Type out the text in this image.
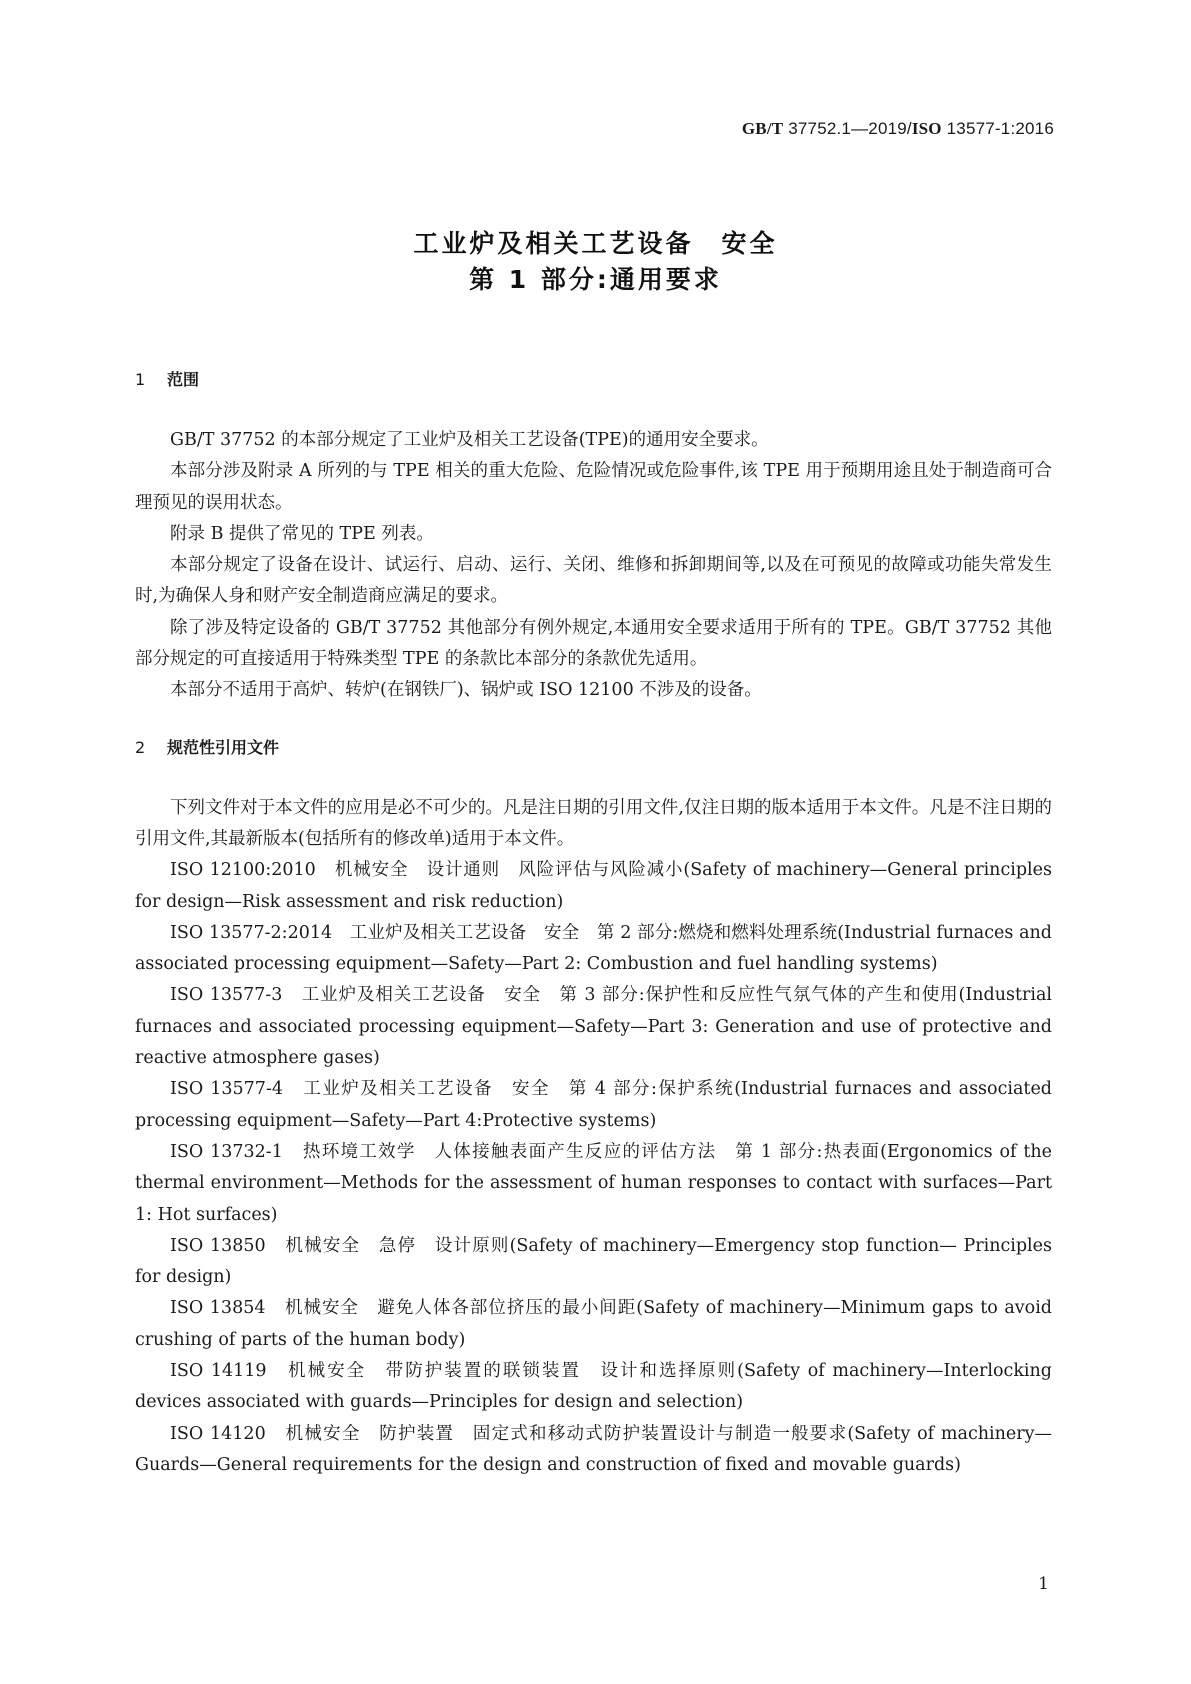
GB/T 37752.1—2019/ISO 13577-1:2016
工业炉及相关工艺设备　安全
第 1 部分:通用要求
1 范围

GB/T 37752 的本部分规定了工业炉及相关工艺设备(TPE)的通用安全要求。

本部分涉及附录 A 所列的与 TPE 相关的重大危险、危险情况或危险事件,该 TPE 用于预期用途且处于制造商可合理预见的误用状态。

附录 B 提供了常见的 TPE 列表。

本部分规定了设备在设计、试运行、启动、运行、关闭、维修和拆卸期间等,以及在可预见的故障或功能失常发生时,为确保人身和财产安全制造商应满足的要求。

除了涉及特定设备的 GB/T 37752 其他部分有例外规定,本通用安全要求适用于所有的 TPE。GB/T 37752 其他部分规定的可直接适用于特殊类型 TPE 的条款比本部分的条款优先适用。

本部分不适用于高炉、转炉(在钢铁厂)、锅炉或 ISO 12100 不涉及的设备。

2 规范性引用文件

下列文件对于本文件的应用是必不可少的。凡是注日期的引用文件,仅注日期的版本适用于本文件。凡是不注日期的引用文件,其最新版本(包括所有的修改单)适用于本文件。

ISO 12100:2010　机械安全　设计通则　风险评估与风险减小(Safety of machinery—General principles for design—Risk assessment and risk reduction)

ISO 13577-2:2014　工业炉及相关工艺设备　安全　第 2 部分:燃烧和燃料处理系统(Industrial furnaces and associated processing equipment—Safety—Part 2: Combustion and fuel handling systems)

ISO 13577-3　工业炉及相关工艺设备　安全　第 3 部分:保护性和反应性气氛气体的产生和使用(Industrial furnaces and associated processing equipment—Safety—Part 3: Generation and use of protective and reactive atmosphere gases)

ISO 13577-4　工业炉及相关工艺设备　安全　第 4 部分:保护系统(Industrial furnaces and associated processing equipment—Safety—Part 4:Protective systems)

ISO 13732-1　热环境工效学　人体接触表面产生反应的评估方法　第 1 部分:热表面(Ergonomics of the thermal environment—Methods for the assessment of human responses to contact with surfaces—Part 1: Hot surfaces)

ISO 13850　机械安全　急停　设计原则(Safety of machinery—Emergency stop function— Principles for design)

ISO 13854　机械安全　避免人体各部位挤压的最小间距(Safety of machinery—Minimum gaps to avoid crushing of parts of the human body)

ISO 14119　机械安全　带防护装置的联锁装置　设计和选择原则(Safety of machinery—Interlocking devices associated with guards—Principles for design and selection)

ISO 14120　机械安全　防护装置　固定式和移动式防护装置设计与制造一般要求(Safety of machinery—Guards—General requirements for the design and construction of fixed and movable guards)

1
